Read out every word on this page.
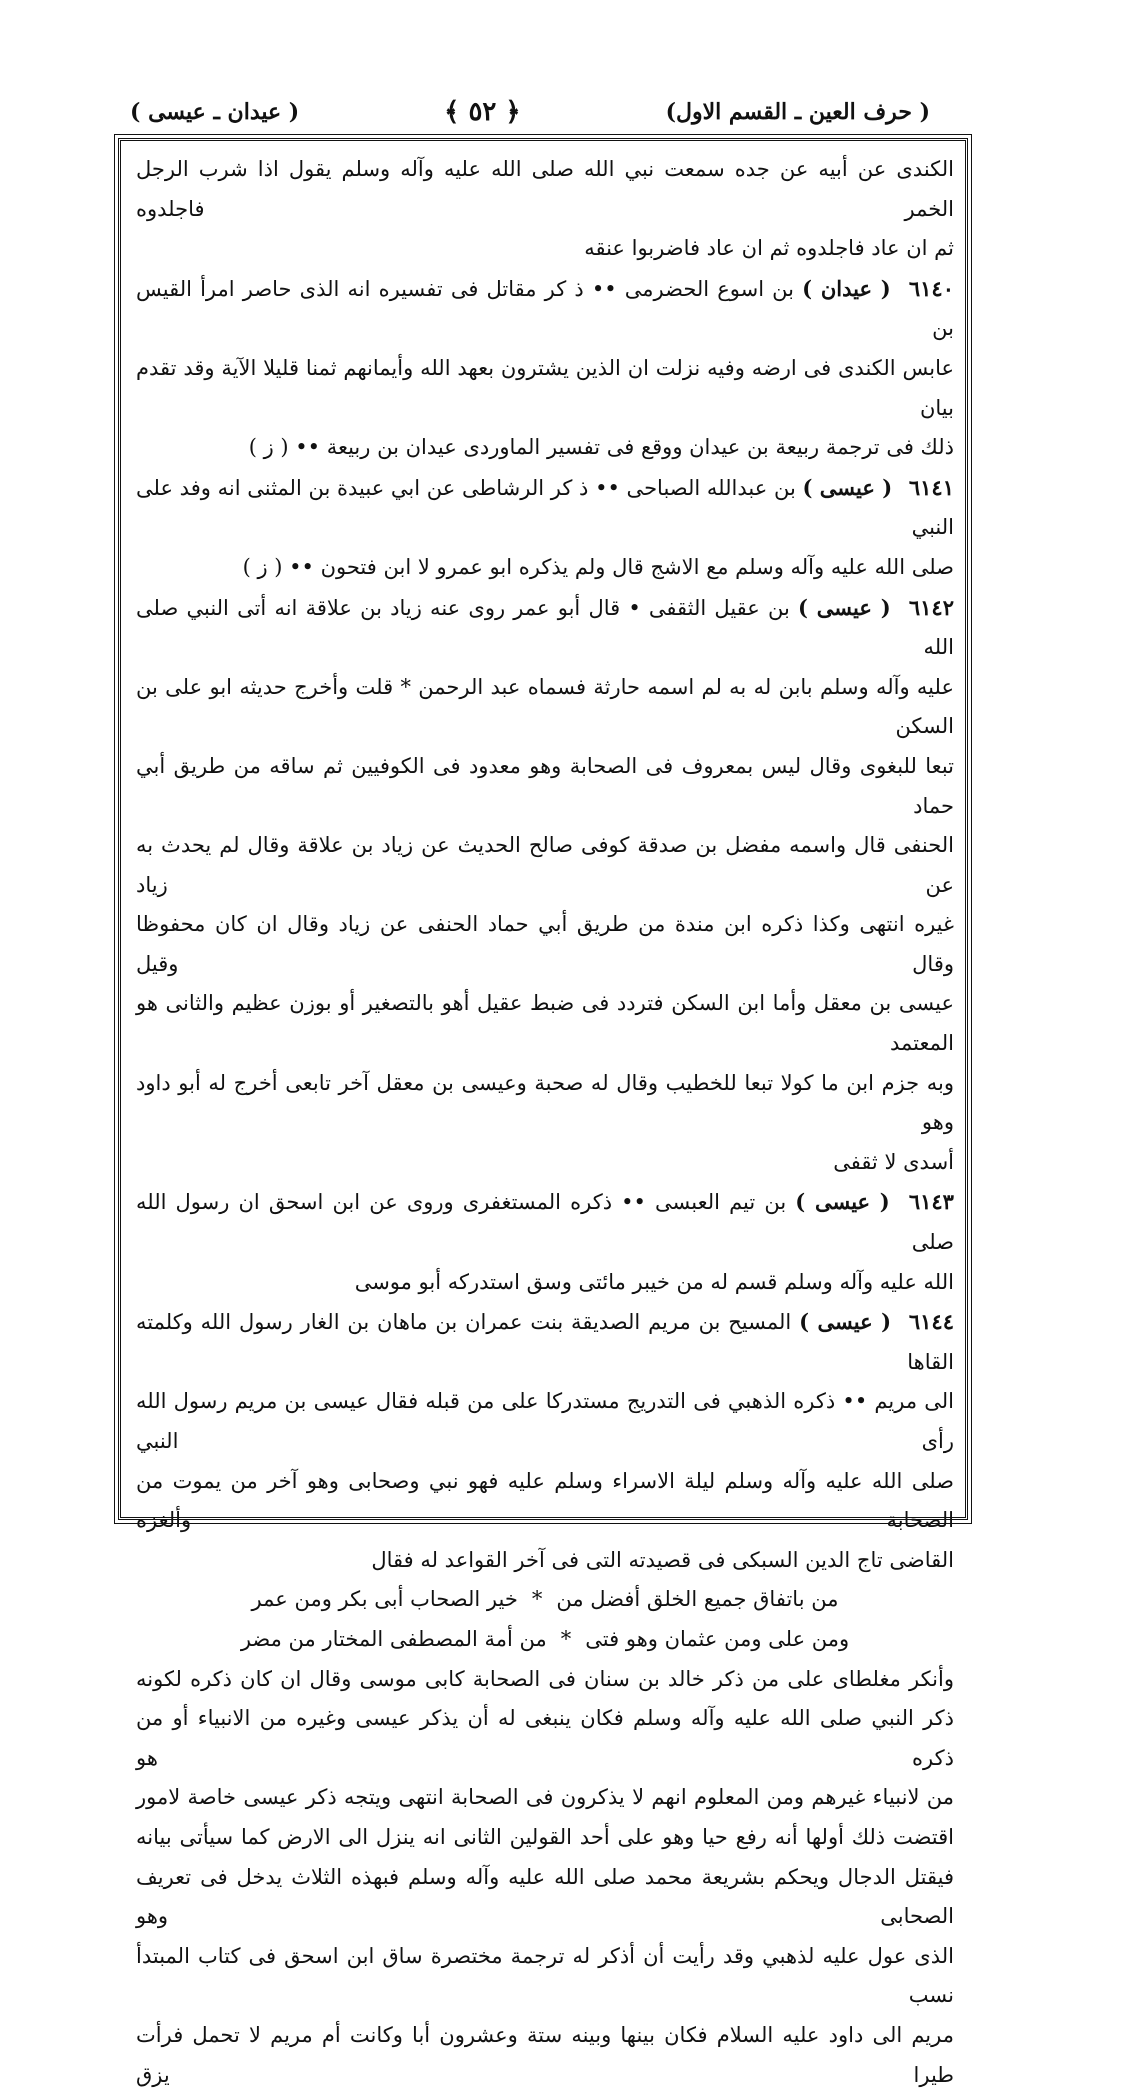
( حرف العين ـ القسم الاول)
﴿ ٥٢ ﴾
( عيدان ـ عيسى )

الكندى عن أبيه عن جده سمعت نبي الله صلى الله عليه وآله وسلم يقول اذا شرب الرجل الخمر فاجلدوه

ثم ان عاد فاجلدوه ثم ان عاد فاضربوا عنقه

٦١٤٠ ( عيدان ) بن اسوع الحضرمى •• ذ كر مقاتل فى تفسيره انه الذى حاصر امرأ القيس بن

عابس الكندى فى ارضه وفيه نزلت ان الذين يشترون بعهد الله وأيمانهم ثمنا قليلا الآية وقد تقدم بيان

ذلك فى ترجمة ربيعة بن عيدان ووقع فى تفسير الماوردى عيدان بن ربيعة •• ( ز )

٦١٤١ ( عيسى ) بن عبدالله الصباحى •• ذ كر الرشاطى عن ابي عبيدة بن المثنى انه وفد على النبي

صلى الله عليه وآله وسلم مع الاشج قال ولم يذكره ابو عمرو لا ابن فتحون •• ( ز )

٦١٤٢ ( عيسى ) بن عقيل الثقفى • قال أبو عمر روى عنه زياد بن علاقة انه أتى النبي صلى الله

عليه وآله وسلم بابن له به لم اسمه حارثة فسماه عبد الرحمن * قلت وأخرج حديثه ابو على بن السكن

تبعا للبغوى وقال ليس بمعروف فى الصحابة وهو معدود فى الكوفيين ثم ساقه من طريق أبي حماد

الحنفى قال واسمه مفضل بن صدقة كوفى صالح الحديث عن زياد بن علاقة وقال لم يحدث به عن زياد

غيره انتهى وكذا ذكره ابن مندة من طريق أبي حماد الحنفى عن زياد وقال ان كان محفوظا وقال وقيل

عيسى بن معقل وأما ابن السكن فتردد فى ضبط عقيل أهو بالتصغير أو بوزن عظيم والثانى هو المعتمد

وبه جزم ابن ما كولا تبعا للخطيب وقال له صحبة وعيسى بن معقل آخر تابعى أخرج له أبو داود وهو

أسدى لا ثقفى

٦١٤٣ ( عيسى ) بن تيم العبسى •• ذكره المستغفرى وروى عن ابن اسحق ان رسول الله صلى

الله عليه وآله وسلم قسم له من خيبر مائتى وسق استدركه أبو موسى

٦١٤٤ ( عيسى ) المسيح بن مريم الصديقة بنت عمران بن ماهان بن الغار رسول الله وكلمته القاها

الى مريم •• ذكره الذهبي فى التدريج مستدركا على من قبله فقال عيسى بن مريم رسول الله رأى النبي

صلى الله عليه وآله وسلم ليلة الاسراء وسلم عليه فهو نبي وصحابى وهو آخر من يموت من الصحابة وألغزه

القاضى تاج الدين السبكى فى قصيدته التى فى آخر القواعد له فقال

من باتفاق جميع الخلق أفضل من
*
خير الصحاب أبى بكر ومن عمر

ومن على ومن عثمان وهو فتى
*
من أمة المصطفى المختار من مضر

وأنكر مغلطاى على من ذكر خالد بن سنان فى الصحابة كابى موسى وقال ان كان ذكره لكونه

ذكر النبي صلى الله عليه وآله وسلم فكان ينبغى له أن يذكر عيسى وغيره من الانبياء أو من ذكره هو

من لانبياء غيرهم ومن المعلوم انهم لا يذكرون فى الصحابة انتهى ويتجه ذكر عيسى خاصة لامور

اقتضت ذلك أولها أنه رفع حيا وهو على أحد القولين الثانى انه ينزل الى الارض كما سيأتى بيانه

فيقتل الدجال ويحكم بشريعة محمد صلى الله عليه وآله وسلم فبهذه الثلاث يدخل فى تعريف الصحابى وهو

الذى عول عليه لذهبي وقد رأيت أن أذكر له ترجمة مختصرة ساق ابن اسحق فى كتاب المبتدأ نسب

مريم الى داود عليه السلام فكان بينها وبينه ستة وعشرون أبا وكانت أم مريم لا تحمل فرأت طيرا يزق
